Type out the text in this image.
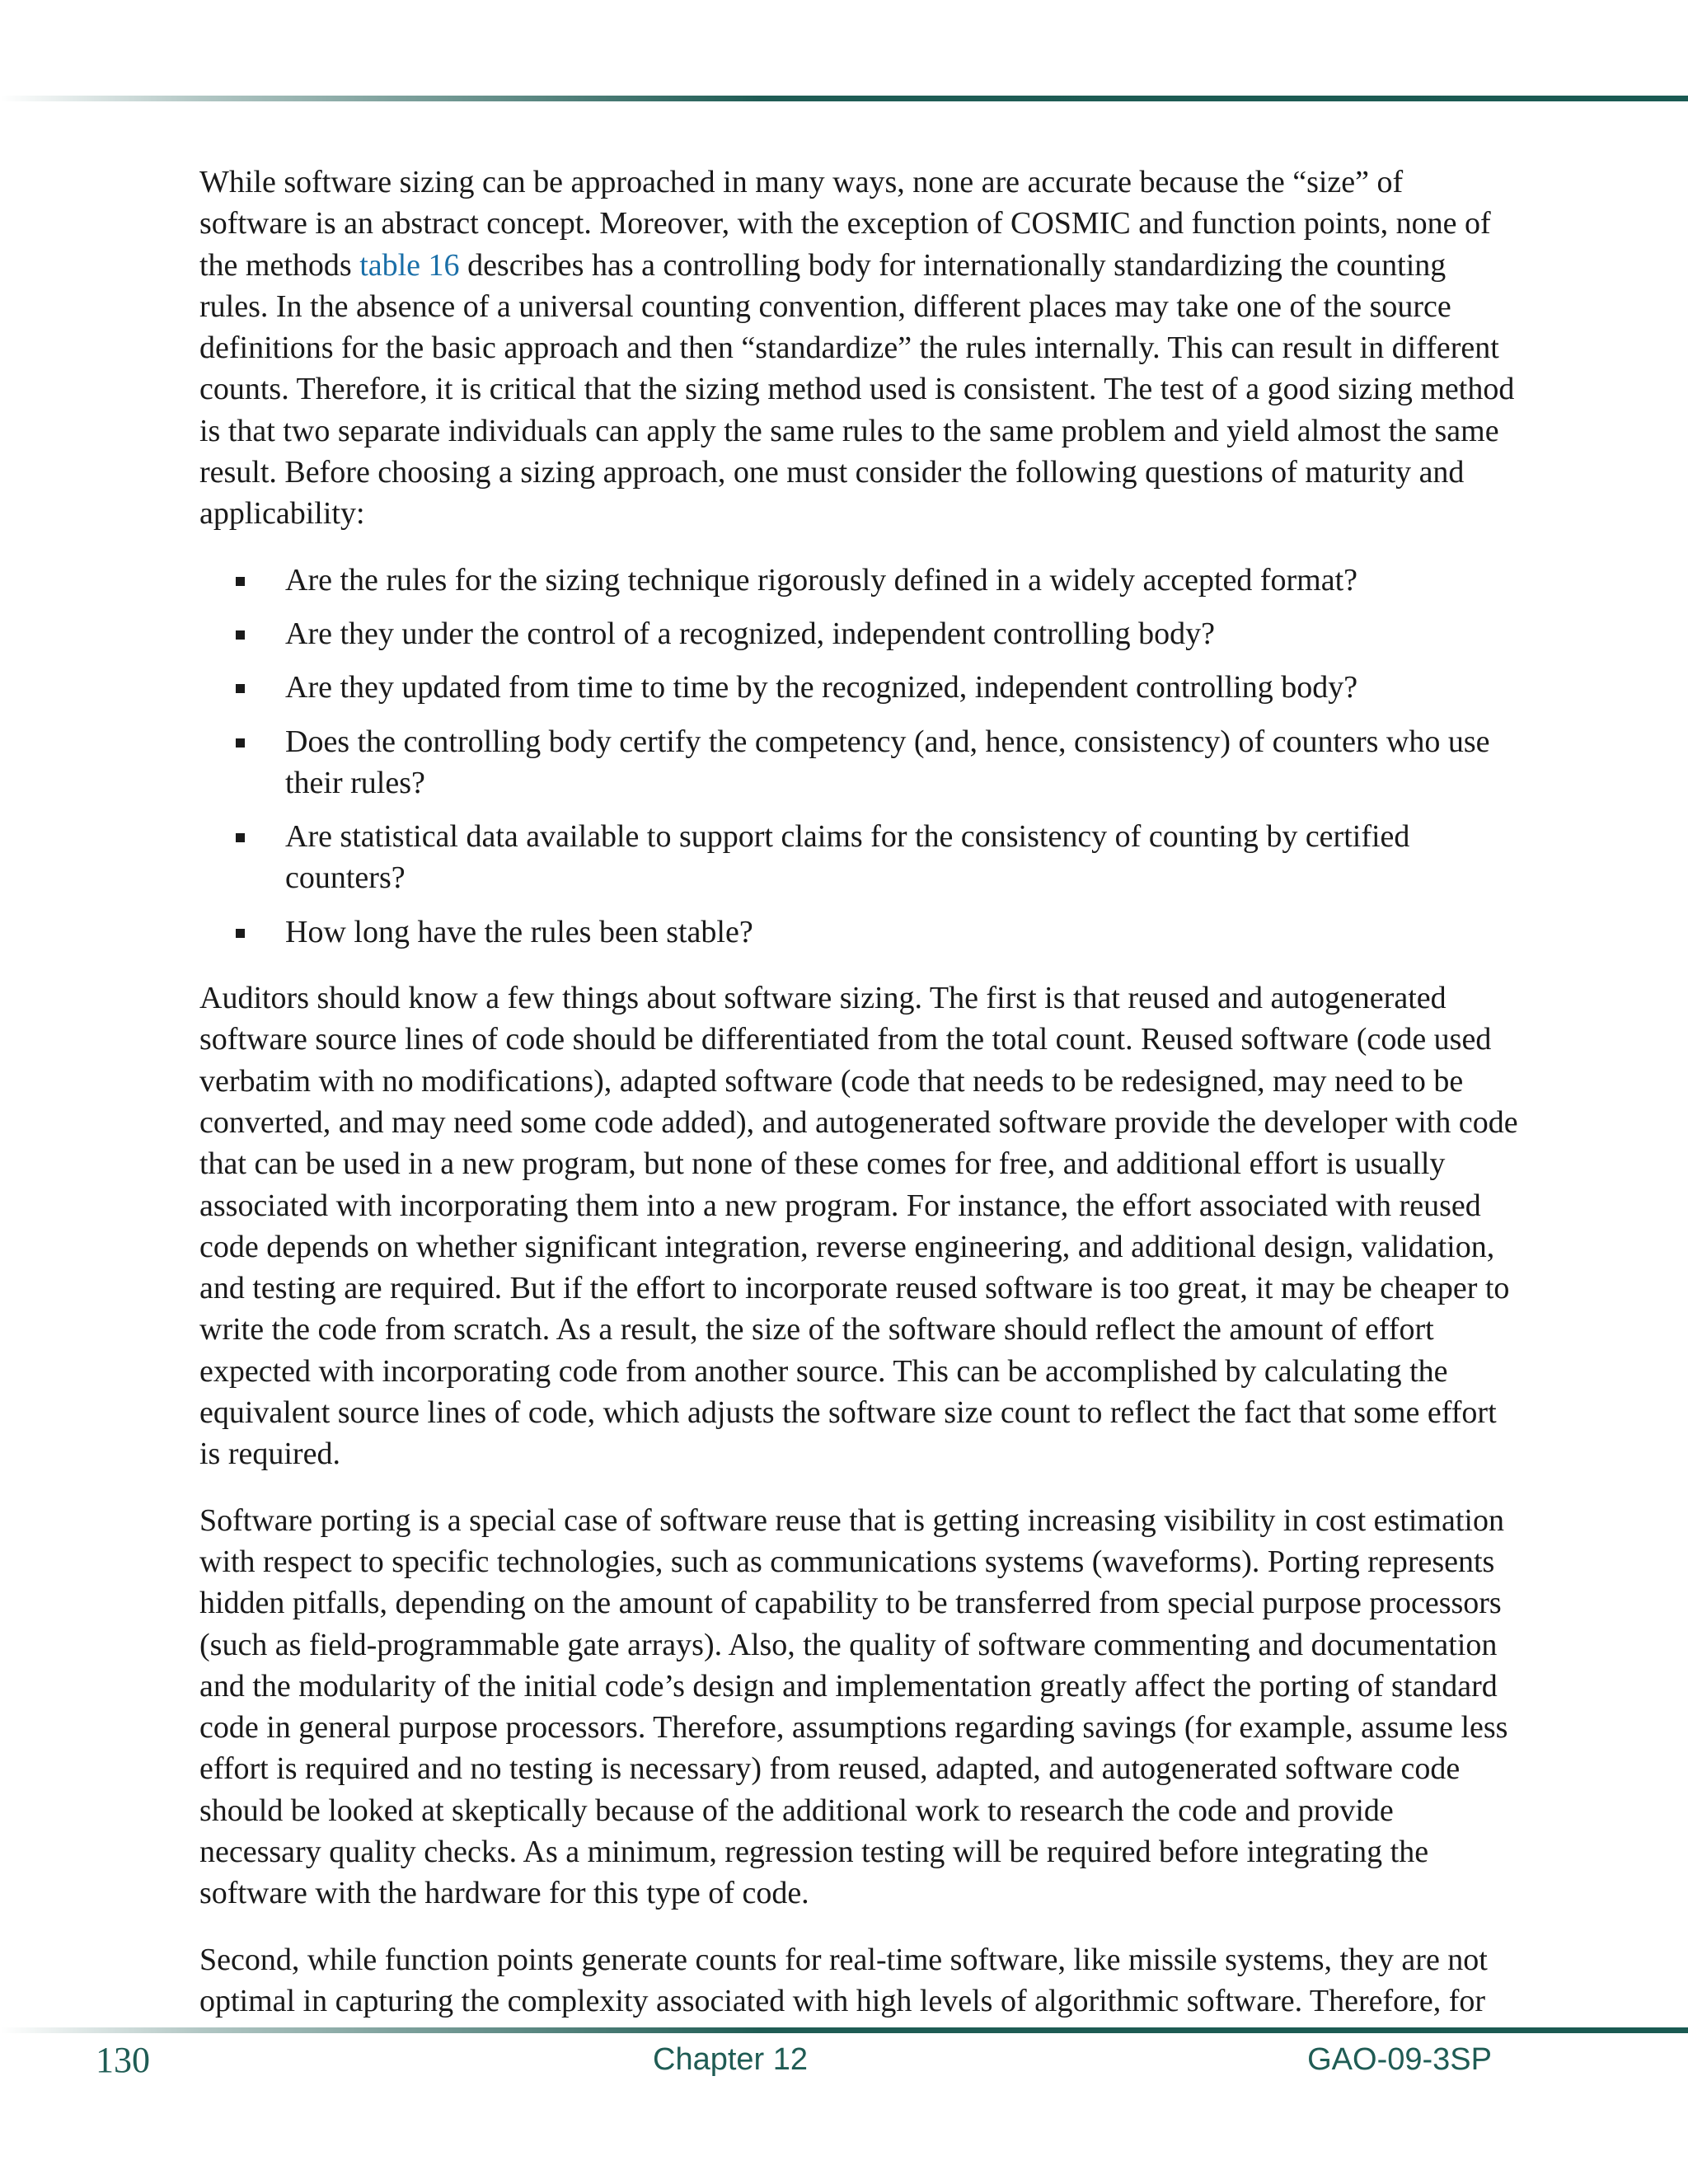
While software sizing can be approached in many ways, none are accurate because the “size” of software is an abstract concept. Moreover, with the exception of COSMIC and function points, none of the methods table 16 describes has a controlling body for internationally standardizing the counting rules. In the absence of a universal counting convention, different places may take one of the source definitions for the basic approach and then “standardize” the rules internally. This can result in different counts. Therefore, it is critical that the sizing method used is consistent. The test of a good sizing method is that two separate individuals can apply the same rules to the same problem and yield almost the same result. Before choosing a sizing approach, one must consider the following questions of maturity and applicability:

Are the rules for the sizing technique rigorously defined in a widely accepted format?
Are they under the control of a recognized, independent controlling body?
Are they updated from time to time by the recognized, independent controlling body?
Does the controlling body certify the competency (and, hence, consistency) of counters who use their rules?
Are statistical data available to support claims for the consistency of counting by certified counters?
How long have the rules been stable?

Auditors should know a few things about software sizing. The first is that reused and autogenerated software source lines of code should be differentiated from the total count. Reused software (code used verbatim with no modifications), adapted software (code that needs to be redesigned, may need to be converted, and may need some code added), and autogenerated software provide the developer with code that can be used in a new program, but none of these comes for free, and additional effort is usually associated with incorporating them into a new program. For instance, the effort associated with reused code depends on whether significant integration, reverse engineering, and additional design, validation, and testing are required. But if the effort to incorporate reused software is too great, it may be cheaper to write the code from scratch. As a result, the size of the software should reflect the amount of effort expected with incorporating code from another source. This can be accomplished by calculating the equivalent source lines of code, which adjusts the software size count to reflect the fact that some effort is required.

Software porting is a special case of software reuse that is getting increasing visibility in cost estimation with respect to specific technologies, such as communications systems (waveforms). Porting represents hidden pitfalls, depending on the amount of capability to be transferred from special purpose processors (such as field-programmable gate arrays). Also, the quality of software commenting and documentation and the modularity of the initial code’s design and implementation greatly affect the porting of standard code in general purpose processors. Therefore, assumptions regarding savings (for example, assume less effort is required and no testing is necessary) from reused, adapted, and autogenerated software code should be looked at skeptically because of the additional work to research the code and provide necessary quality checks. As a minimum, regression testing will be required before integrating the software with the hardware for this type of code.

Second, while function points generate counts for real-time software, like missile systems, they are not optimal in capturing the complexity associated with high levels of algorithmic software. Therefore, for

130	Chapter 12	GAO-09-3SP
